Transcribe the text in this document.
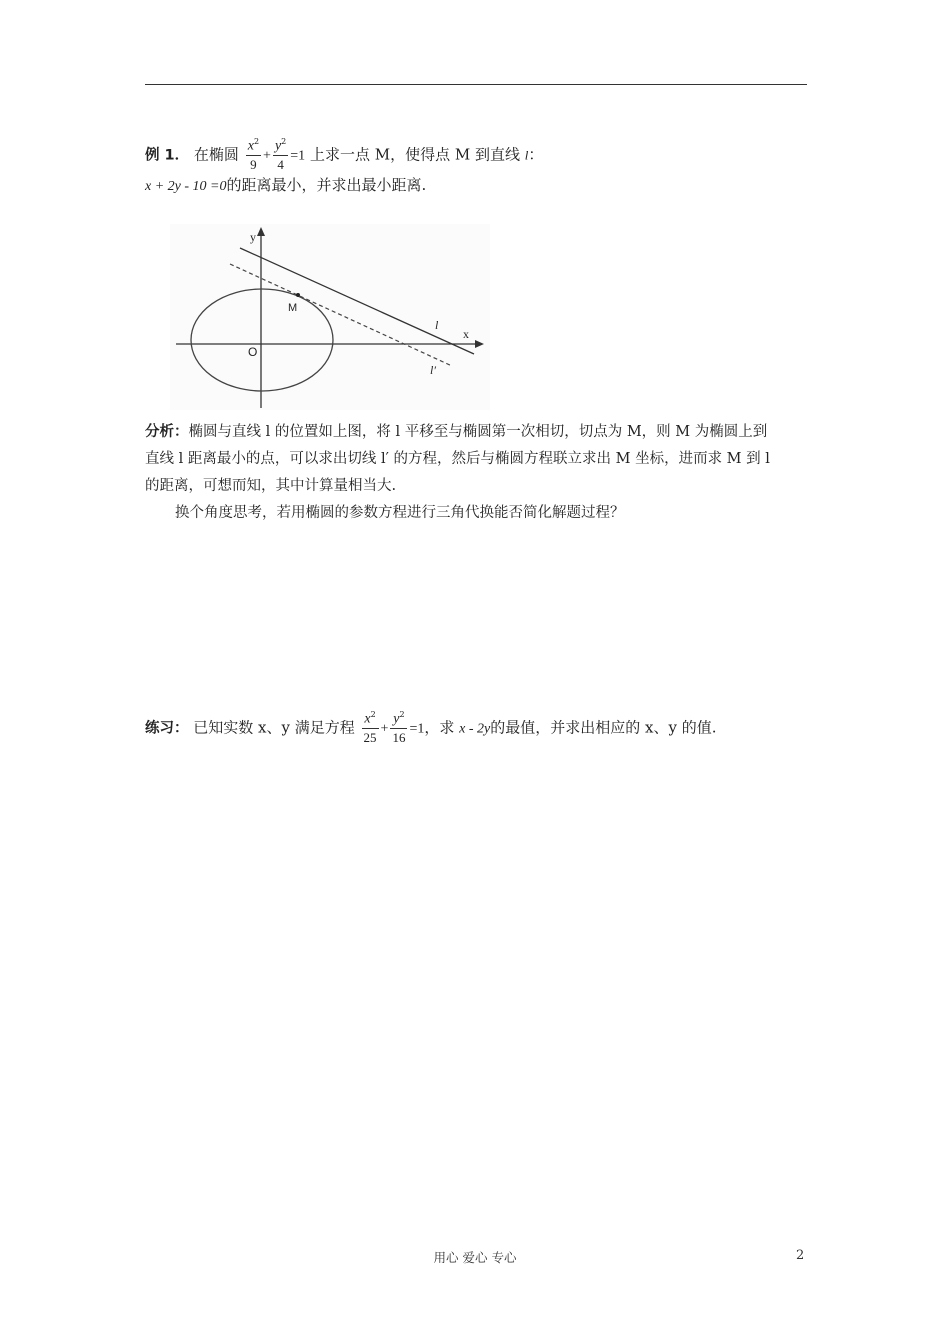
例 1． 在椭圆 $\frac{x^2}{9} + \frac{y^2}{4} =1$ 上求一点 M，使得点 M 到直线 l：
x + 2y - 10 =0的距离最小，并求出最小距离.
y
x
O
M
l
l′
分析：椭圆与直线 l 的位置如上图，将 l 平移至与椭圆第一次相切，切点为 M，则 M 为椭圆上到
直线 l 距离最小的点，可以求出切线 l′ 的方程，然后与椭圆方程联立求出 M 坐标，进而求 M 到 l
的距离，可想而知，其中计算量相当大.
换个角度思考，若用椭圆的参数方程进行三角代换能否简化解题过程？
练习： 已知实数 x、y 满足方程 $\frac{x^2}{25} + \frac{y^2}{16} =1$，求 x - 2y的最值，并求出相应的 x、y 的值.
用心 爱心 专心	2
